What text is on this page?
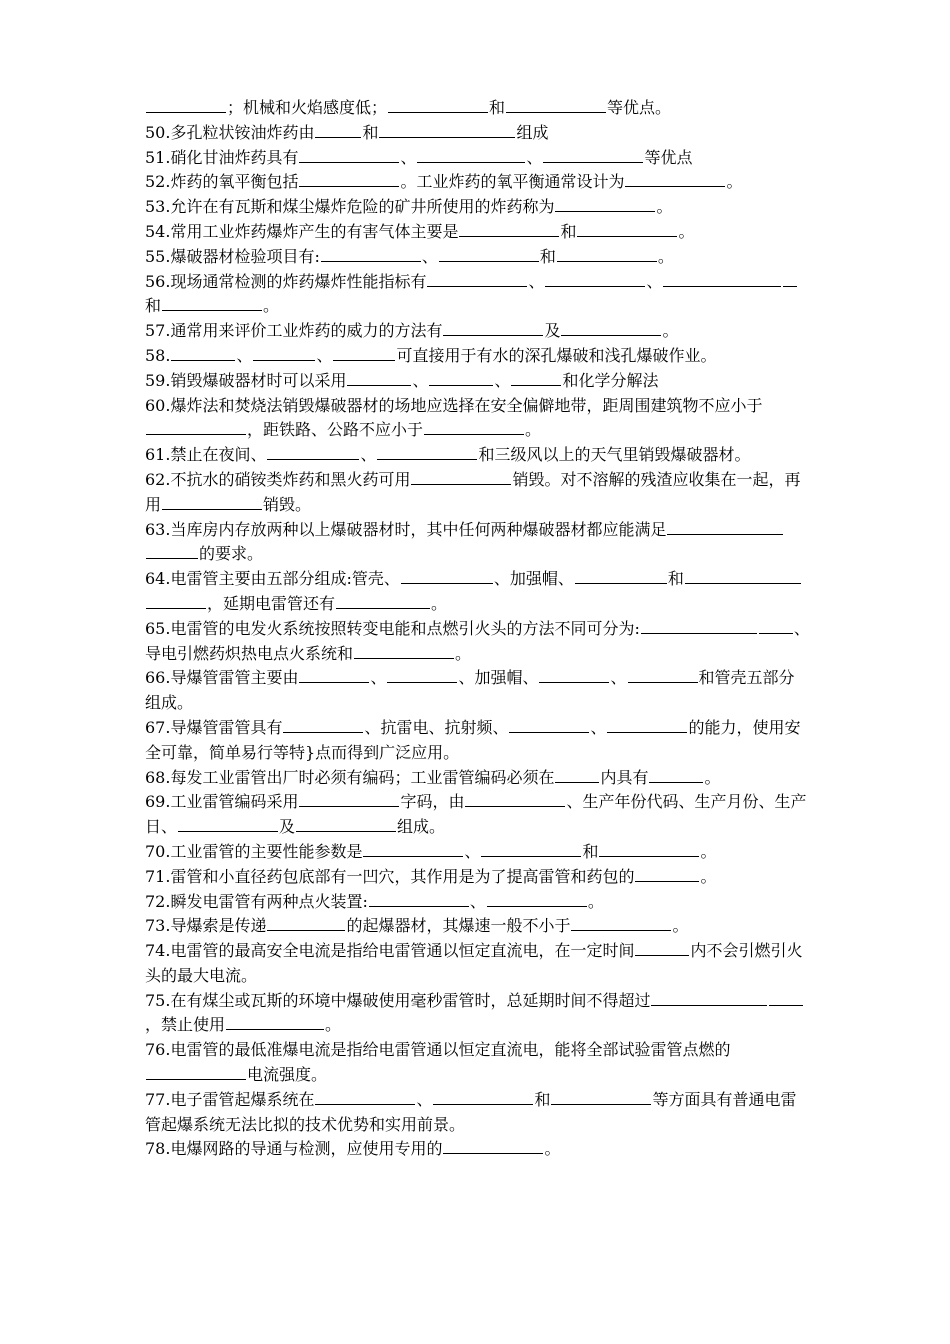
；机械和火焰感度低；	和	等优点。

50.多孔粒状铵油炸药由	和	组成

51.硝化甘油炸药具有	、	、	等优点

52.炸药的氧平衡包括	。工业炸药的氧平衡通常设计为	。

53.允许在有瓦斯和煤尘爆炸危险的矿井所使用的炸药称为	。

54.常用工业炸药爆炸产生的有害气体主要是	和	。

55.爆破器材检验项目有:	、	和	。

56.现场通常检测的炸药爆炸性能指标有	、	、和	。

57.通常用来评价工业炸药的威力的方法有	及	。

58.	、	、	可直接用于有水的深孔爆破和浅孔爆破作业。

59.销毁爆破器材时可以采用	、	、	和化学分解法

60.爆炸法和焚烧法销毁爆破器材的场地应选择在安全偏僻地带，距周围建筑物不应小于，距铁路、公路不应小于	。

61.禁止在夜间、	、	和三级风以上的天气里销毁爆破器材。

62.不抗水的硝铵类炸药和黑火药可用	销毁。对不溶解的残渣应收集在一起，再用	销毁。

63.当库房内存放两种以上爆破器材时，其中任何两种爆破器材都应能满足的要求。

64.电雷管主要由五部分组成:管壳、	、加强帽、	和，延期电雷管还有	。

65.电雷管的电发火系统按照转变电能和点燃引火头的方法不同可分为:	、导电引燃药炽热电点火系统和	。

66.导爆管雷管主要由	、	、加强帽、	、	和管壳五部分组成。

67.导爆管雷管具有	、抗雷电、抗射频、	、	的能力，使用安全可靠，简单易行等特}点而得到广泛应用。

68.每发工业雷管出厂时必须有编码；工业雷管编码必须在	内具有	。

69.工业雷管编码采用	字码，由	、生产年份代码、生产月份、生产日、	及	组成。

70.工业雷管的主要性能参数是	、	和	。

71.雷管和小直径药包底部有一凹穴，其作用是为了提高雷管和药包的	。

72.瞬发电雷管有两种点火装置:	、	。

73.导爆索是传递	的起爆器材，其爆速一般不小于	。

74.电雷管的最高安全电流是指给电雷管通以恒定直流电，在一定时间	内不会引燃引火头的最大电流。

75.在有煤尘或瓦斯的环境中爆破使用毫秒雷管时，总延期时间不得超过，禁止使用	。

76.电雷管的最低准爆电流是指给电雷管通以恒定直流电，能将全部试验雷管点燃的电流强度。

77.电子雷管起爆系统在	、	和	等方面具有普通电雷管起爆系统无法比拟的技术优势和实用前景。

78.电爆网路的导通与检测，应使用专用的	。
